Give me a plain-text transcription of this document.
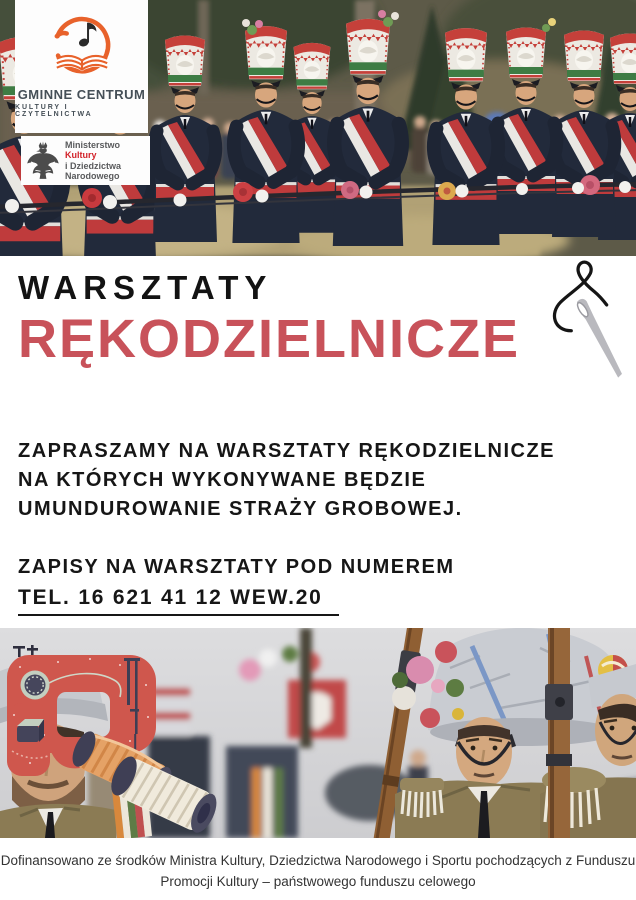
GMINNE CENTRUM
KULTURY I CZYTELNICTWA
Ministerstwo
Kultury
i Dziedzictwa
Narodowego
WARSZTATY
RĘKODZIELNICZE
ZAPRASZAMY NA WARSZTATY RĘKODZIELNICZE
NA KTÓRYCH WYKONYWANE BĘDZIE
UMUNDUROWANIE STRAŻY GROBOWEJ.
ZAPISY NA WARSZTATY POD NUMEREM
TEL. 16 621 41 12 WEW.20
Dofinansowano ze środków Ministra Kultury, Dziedzictwa Narodowego i Sportu pochodzących z Funduszu
Promocji Kultury – państwowego funduszu celowego
